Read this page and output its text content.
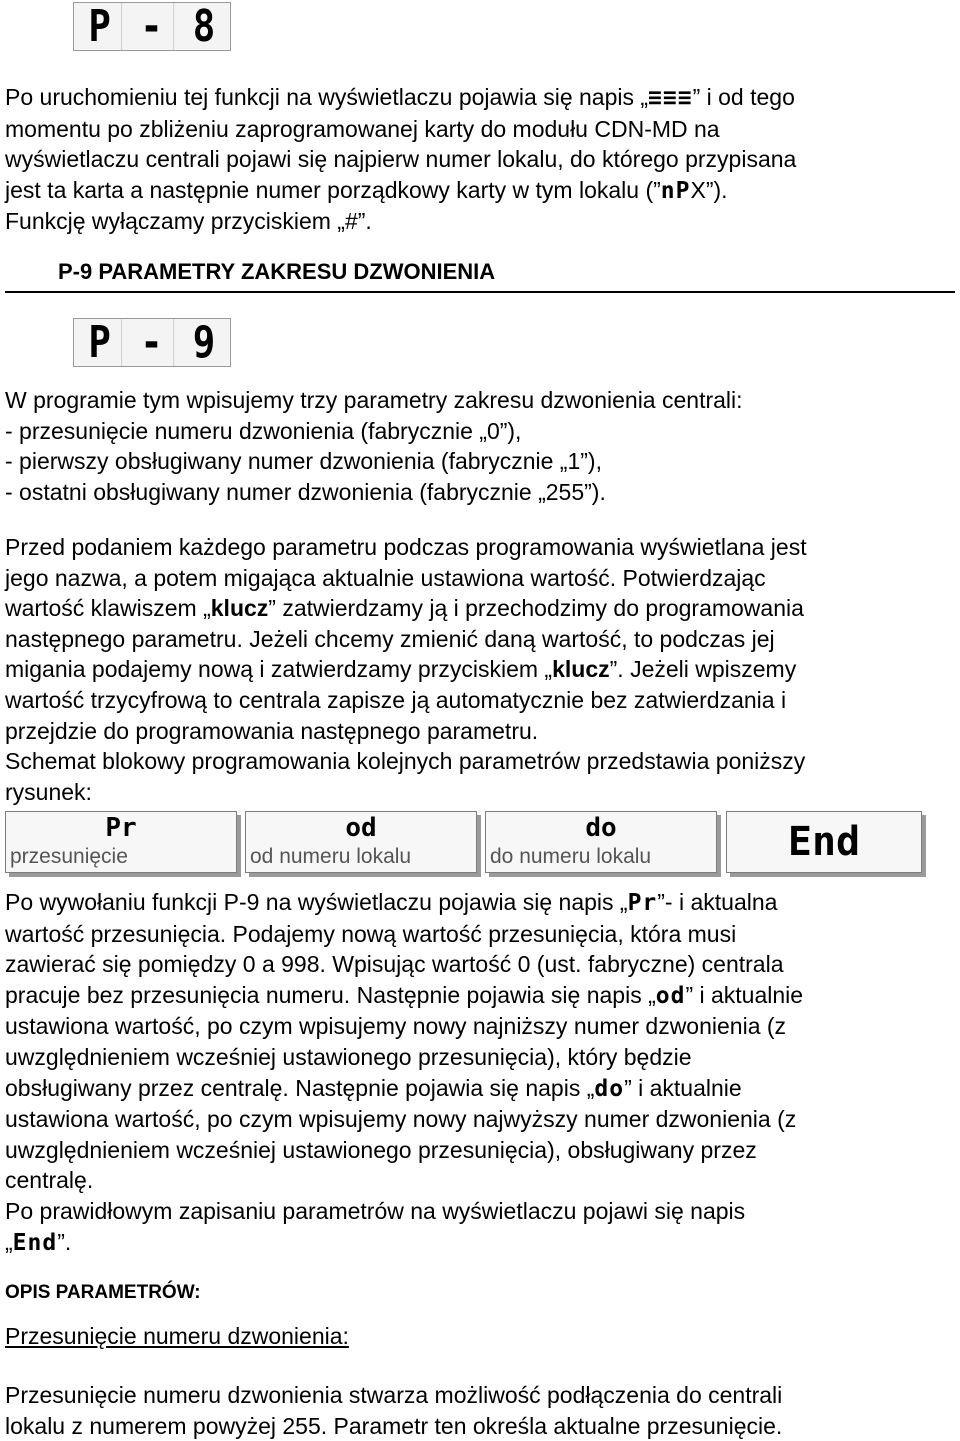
P - 8
Po uruchomieniu tej funkcji na wyświetlaczu pojawia się napis „≡≡≡” i od tego
momentu po zbliżeniu zaprogramowanej karty do modułu CDN-MD na
wyświetlaczu centrali pojawi się najpierw numer lokalu, do którego przypisana
jest ta karta a następnie numer porządkowy karty w tym lokalu (”nPX”).
Funkcję wyłączamy przyciskiem „#”.
P-9 PARAMETRY ZAKRESU DZWONIENIA
P - 9
W programie tym wpisujemy trzy parametry zakresu dzwonienia centrali:
- przesunięcie numeru dzwonienia (fabrycznie „0”),
- pierwszy obsługiwany numer dzwonienia (fabrycznie „1”),
- ostatni obsługiwany numer dzwonienia (fabrycznie „255”).
Przed podaniem każdego parametru podczas programowania wyświetlana jest
jego nazwa, a potem migająca aktualnie ustawiona wartość. Potwierdzając
wartość klawiszem „klucz” zatwierdzamy ją i przechodzimy do programowania
następnego parametru. Jeżeli chcemy zmienić daną wartość, to podczas jej
migania podajemy nową i zatwierdzamy przyciskiem „klucz”. Jeżeli wpiszemy
wartość trzycyfrową to centrala zapisze ją automatycznie bez zatwierdzania i
przejdzie do programowania następnego parametru.
Schemat blokowy programowania kolejnych parametrów przedstawia poniższy
rysunek:
Pr
przesunięcie
od
od numeru lokalu
do
do numeru lokalu	End
Po wywołaniu funkcji P-9 na wyświetlaczu pojawia się napis „Pr”- i aktualna
wartość przesunięcia. Podajemy nową wartość przesunięcia, która musi
zawierać się pomiędzy 0 a 998. Wpisując wartość 0 (ust. fabryczne) centrala
pracuje bez przesunięcia numeru. Następnie pojawia się napis „od” i aktualnie
ustawiona wartość, po czym wpisujemy nowy najniższy numer dzwonienia (z
uwzględnieniem wcześniej ustawionego przesunięcia), który będzie
obsługiwany przez centralę. Następnie pojawia się napis „do” i aktualnie
ustawiona wartość, po czym wpisujemy nowy najwyższy numer dzwonienia (z
uwzględnieniem wcześniej ustawionego przesunięcia), obsługiwany przez
centralę.
Po prawidłowym zapisaniu parametrów na wyświetlaczu pojawi się napis
„End”.
OPIS PARAMETRÓW:
Przesunięcie numeru dzwonienia:
Przesunięcie numeru dzwonienia stwarza możliwość podłączenia do centrali
lokalu z numerem powyżej 255. Parametr ten określa aktualne przesunięcie.
